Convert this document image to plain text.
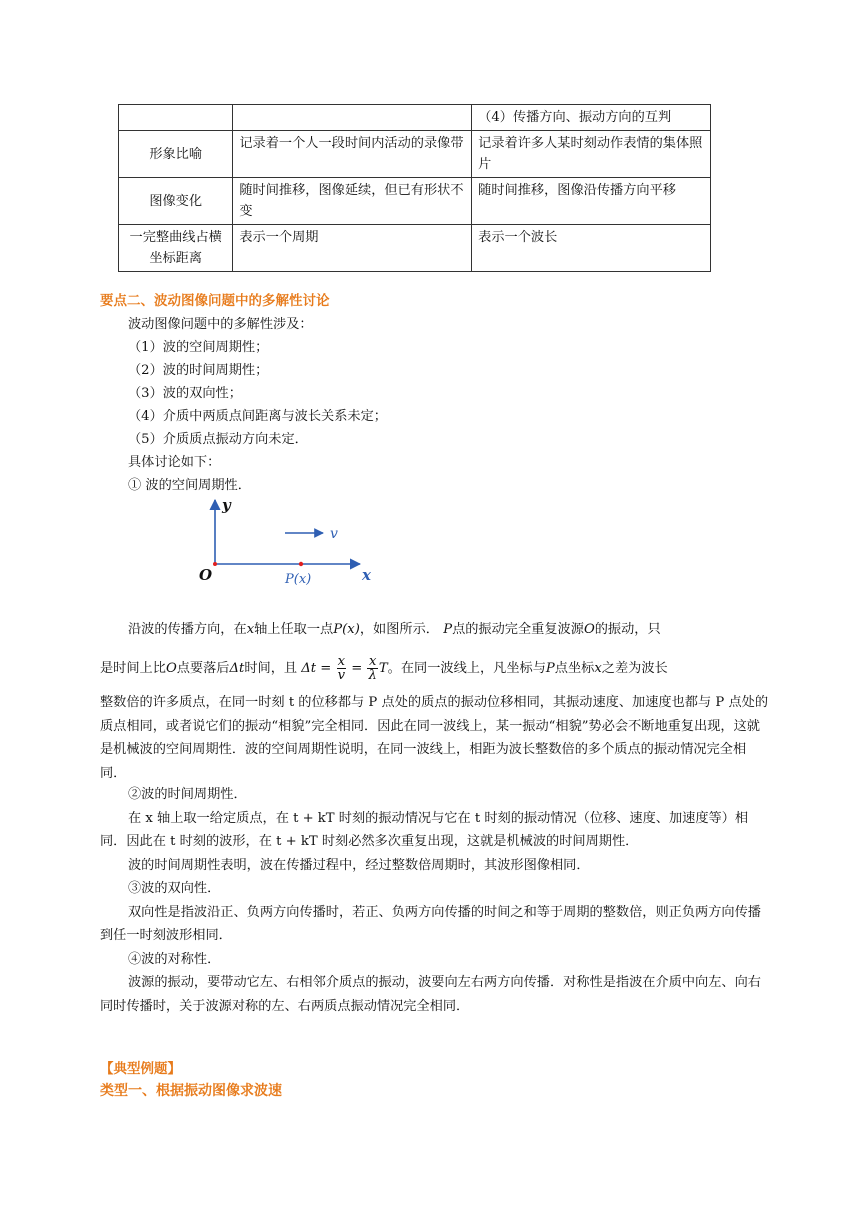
		（4）传播方向、振动方向的互判
形象比喻	记录着一个人一段时间内活动的录像带	记录着许多人某时刻动作表情的集体照片
图像变化	随时间推移，图像延续，但已有形状不变	随时间推移，图像沿传播方向平移
一完整曲线占横坐标距离	表示一个周期	表示一个波长
要点二、波动图像问题中的多解性讨论
波动图像问题中的多解性涉及：
（1）波的空间周期性；
（2）波的时间周期性；
（3）波的双向性；
（4）介质中两质点间距离与波长关系未定；
（5）介质质点振动方向未定．
具体讨论如下：
① 波的空间周期性．
y
O	x
v
P(x)
沿波的传播方向，在x轴上任取一点P(x)，如图所示． P点的振动完全重复波源O的振动，只
是时间上比O点要落后Δt时间，且 $\Delta t = \frac{x}{v} = \frac{x}{\lambda}$ T。在同一波线上，凡坐标与P点坐标x之差为波长

整数倍的许多质点，在同一时刻 t 的位移都与 P 点处的质点的振动位移相同，其振动速度、加速度也都与 P 点处的质点相同，或者说它们的振动“相貌”完全相同．因此在同一波线上，某一振动“相貌”势必会不断地重复出现，这就是机械波的空间周期性．波的空间周期性说明，在同一波线上，相距为波长整数倍的多个质点的振动情况完全相同．

②波的时间周期性．

在 x 轴上取一给定质点，在 t + kT 时刻的振动情况与它在 t 时刻的振动情况（位移、速度、加速度等）相同．因此在 t 时刻的波形，在 t + kT 时刻必然多次重复出现，这就是机械波的时间周期性．

波的时间周期性表明，波在传播过程中，经过整数倍周期时，其波形图像相同．

③波的双向性．

双向性是指波沿正、负两方向传播时，若正、负两方向传播的时间之和等于周期的整数倍，则正负两方向传播到任一时刻波形相同．

④波的对称性．

波源的振动，要带动它左、右相邻介质点的振动，波要向左右两方向传播．对称性是指波在介质中向左、向右同时传播时，关于波源对称的左、右两质点振动情况完全相同．

【典型例题】
类型一、根据振动图像求波速
